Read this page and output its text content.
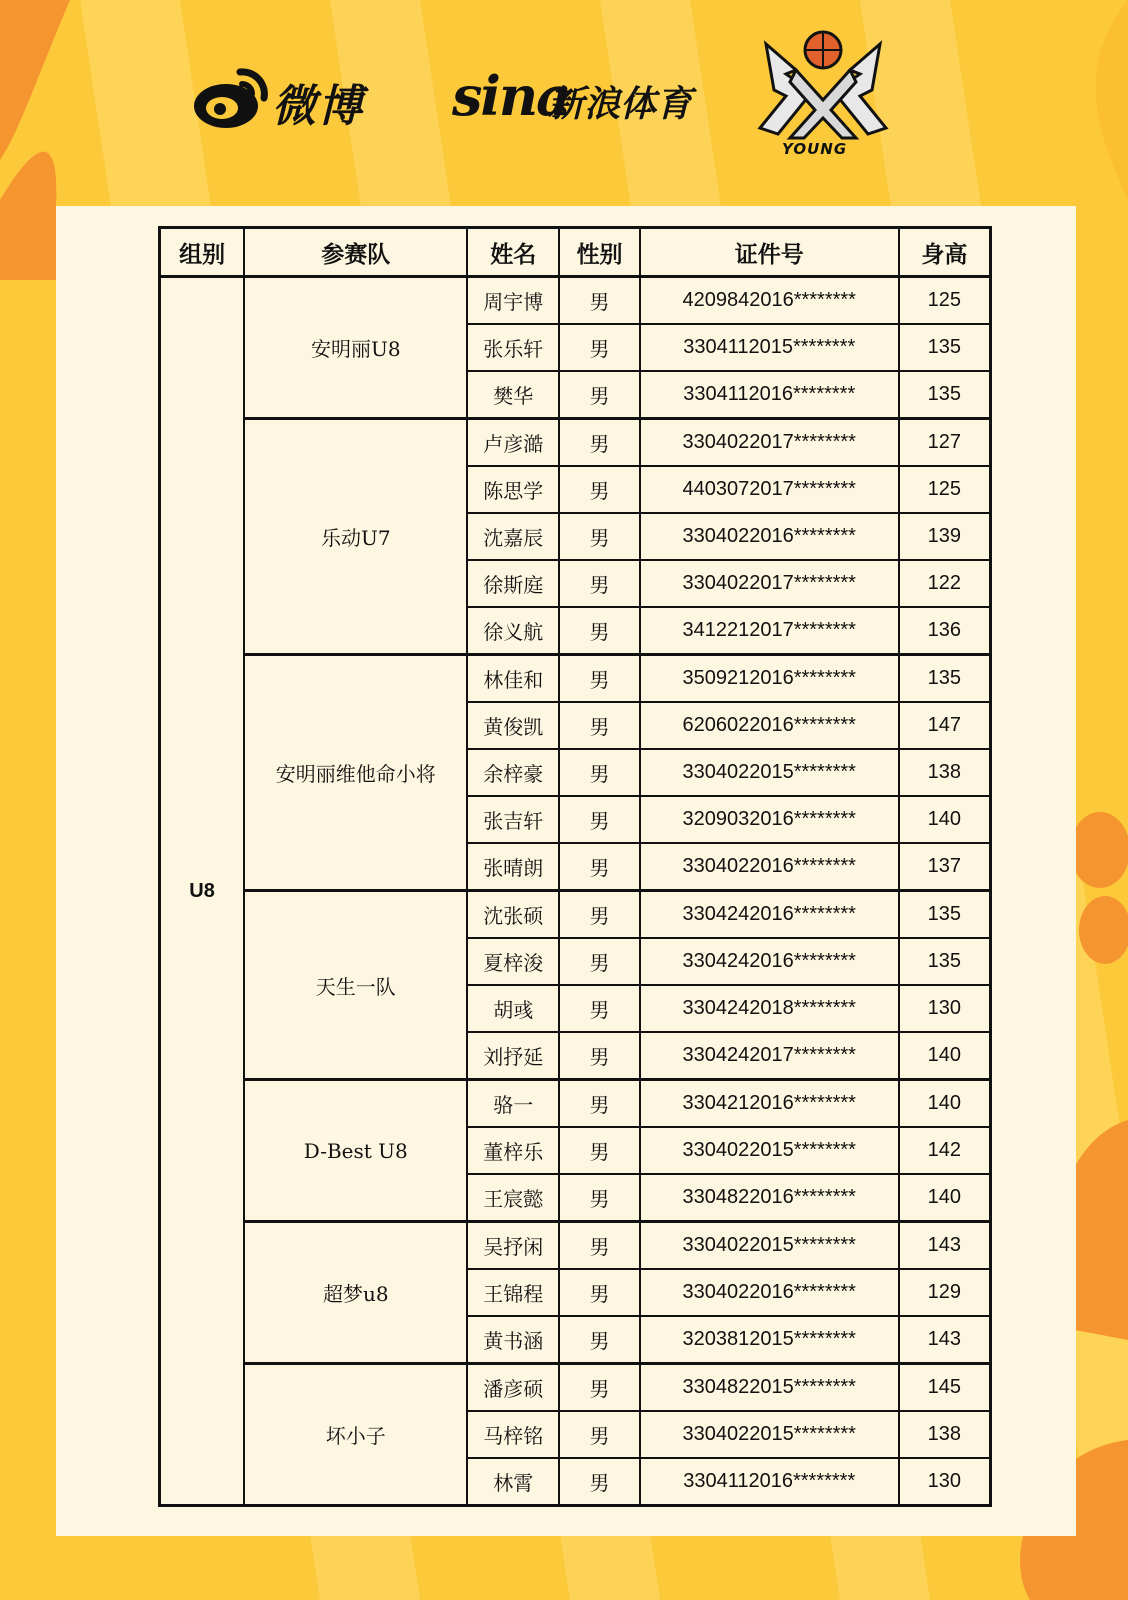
微博 sina
新浪体育
YOUNG
组别	参赛队	姓名	性别	证件号	身高
U8	安明丽U8	周宇博	男	4209842016********	125
		张乐轩	男	3304112015********	135
		樊华	男	3304112016********	135
	乐动U7	卢彦澔	男	3304022017********	127
		陈思学	男	4403072017********	125
		沈嘉辰	男	3304022016********	139
		徐斯庭	男	3304022017********	122
		徐义航	男	3412212017********	136
	安明丽维他命小将	林佳和	男	3509212016********	135
		黄俊凯	男	6206022016********	147
		余梓豪	男	3304022015********	138
		张吉轩	男	3209032016********	140
		张晴朗	男	3304022016********	137
	天生一队	沈张硕	男	3304242016********	135
		夏梓浚	男	3304242016********	135
		胡彧	男	3304242018********	130
		刘抒延	男	3304242017********	140
	D-Best U8	骆一	男	3304212016********	140
		董梓乐	男	3304022015********	142
		王宸懿	男	3304822016********	140
	超梦u8	吴抒闲	男	3304022015********	143
		王锦程	男	3304022016********	129
		黄书涵	男	3203812015********	143
	坏小子	潘彦硕	男	3304822015********	145
		马梓铭	男	3304022015********	138
		林霄	男	3304112016********	130
